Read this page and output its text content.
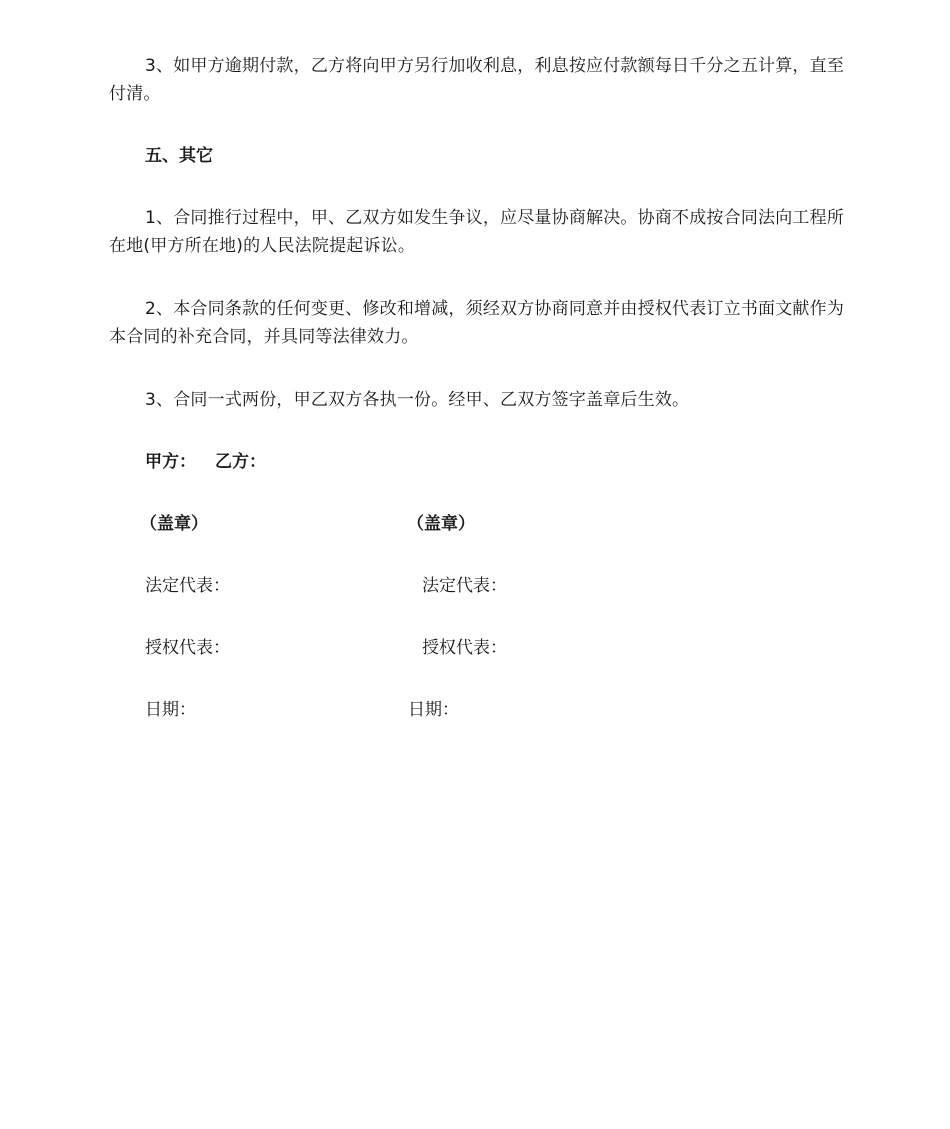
3、如甲方逾期付款，乙方将向甲方另行加收利息，利息按应付款额每日千分之五计算，直至付清。

五、其它

1、合同推行过程中，甲、乙双方如发生争议，应尽量协商解决。协商不成按合同法向工程所在地(甲方所在地)的人民法院提起诉讼。

2、本合同条款的任何变更、修改和增减，须经双方协商同意并由授权代表订立书面文献作为本合同的补充合同，并具同等法律效力。

3、合同一式两份，甲乙双方各执一份。经甲、乙双方签字盖章后生效。

甲方： 乙方：

（盖章）	（盖章）

法定代表：	法定代表：

授权代表：	授权代表：

日期：	日期：
